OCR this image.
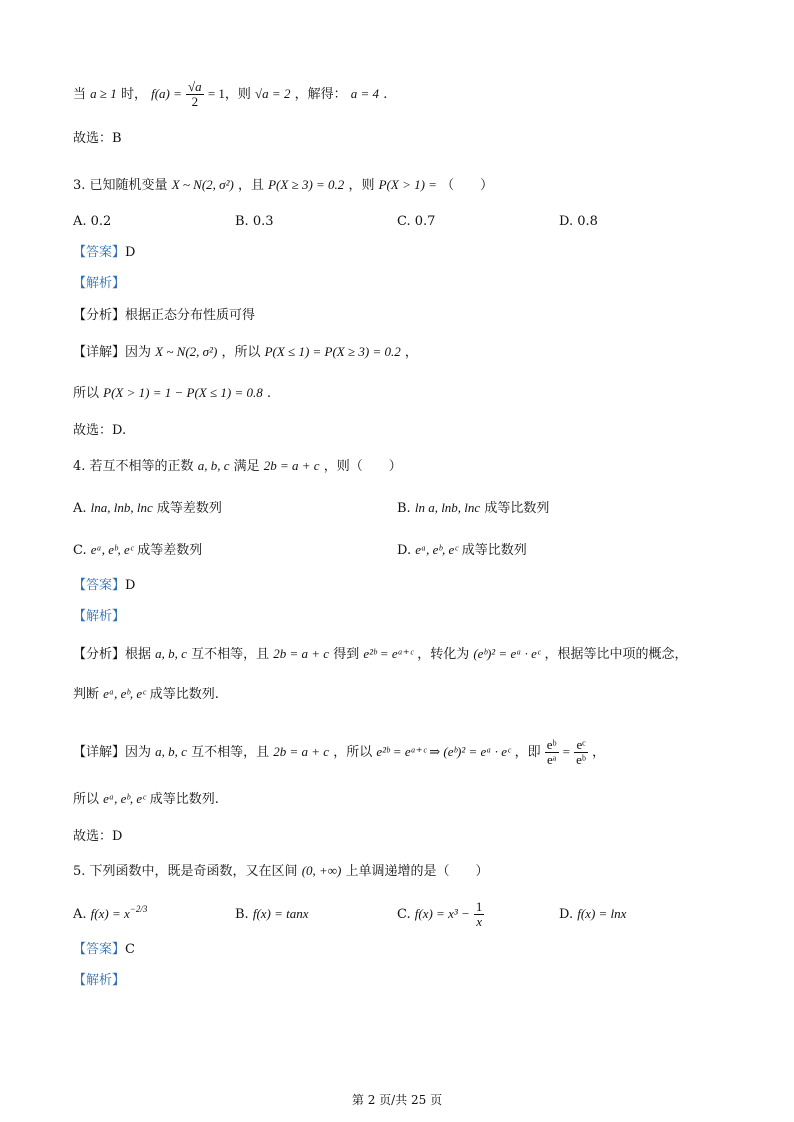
当 a ≥ 1 时， $f(a) = \frac{√a}{2} = 1$，则 √a = 2 ，解得： a = 4 .
故选：B
3. 已知随机变量 X ~ N(2, σ²) ，且 P(X ≥ 3) = 0.2 ，则 P(X > 1) = （　　）
A. 0.2	B. 0.3	C. 0.7	D. 0.8
【答案】D
【解析】
【分析】根据正态分布性质可得
【详解】因为 X ~ N(2, σ²) ，所以 P(X ≤ 1) = P(X ≥ 3) = 0.2 ，
所以 P(X > 1) = 1 − P(X ≤ 1) = 0.8 .
故选：D.
4. 若互不相等的正数 a, b, c 满足 2b = a + c ，则（　　）
A. lna, lnb, lnc 成等差数列	B. ln a, lnb, lnc 成等比数列
C. eᵃ, eᵇ, eᶜ 成等差数列	D. eᵃ, eᵇ, eᶜ 成等比数列
【答案】D
【解析】
【分析】根据 a, b, c 互不相等，且 2b = a + c 得到 e²ᵇ = eᵃ⁺ᶜ ，转化为 (eᵇ)² = eᵃ · eᶜ ，根据等比中项的概念，
判断 eᵃ, eᵇ, eᶜ 成等比数列.
【详解】因为 a, b, c 互不相等，且 2b = a + c ，所以 e²ᵇ = eᵃ⁺ᶜ ⇒ (eᵇ)² = eᵃ · eᶜ ，即 $\frac{\text{eᵇ}}{\text{eᵃ}} = \frac{\text{eᶜ}}{\text{eᵇ}}$ ，
所以 eᵃ, eᵇ, eᶜ 成等比数列.
故选：D
5. 下列函数中，既是奇函数，又在区间 (0, +∞) 上单调递增的是（　　）
A. $f(x) = x^{-2/3}$	B. f(x) = tanx	C. $f(x) = x^3 - \frac{1}{x}$	D. f(x) = lnx
【答案】C
【解析】
第 2 页/共 25 页
